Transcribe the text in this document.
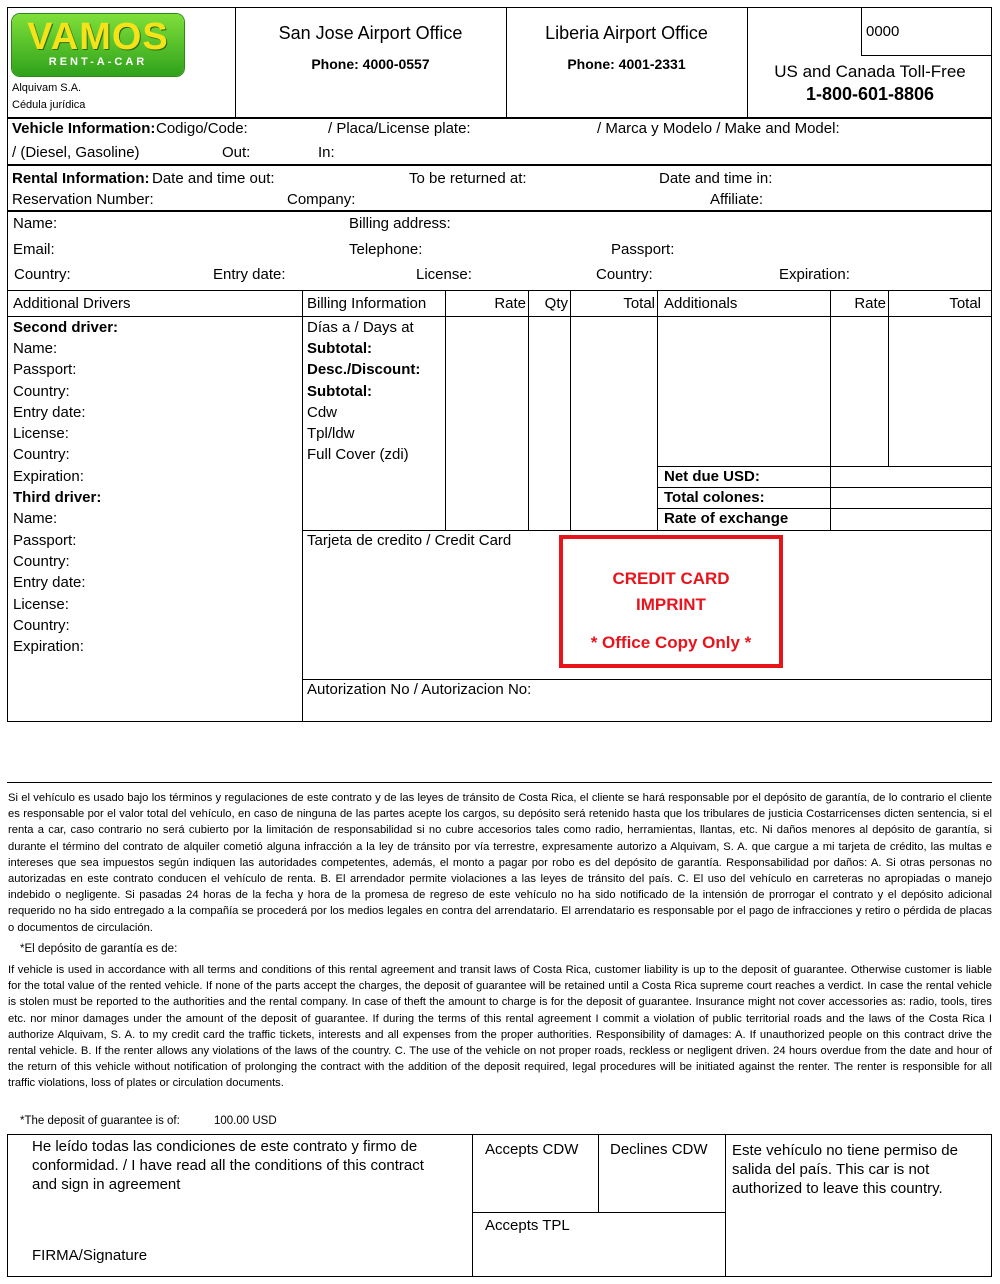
VAMOS
RENT-A-CAR
Alquivam S.A.
Cédula jurídica
San Jose Airport Office
Phone: 4000-0557
Liberia Airport Office
Phone: 4001-2331
0000
US and Canada Toll-Free
1-800-601-8806
Vehicle Information: Codigo/Code:	/ Placa/License plate:	/ Marca y Modelo / Make and Model:
/ (Diesel, Gasoline)	Out:	In:
Rental Information: Date and time out:	To be returned at:	Date and time in:
Reservation Number:	Company:	Affiliate:
Name:	Billing address:
Email:	Telephone:	Passport:
Country:	Entry date:	License:	Country:	Expiration:
Additional Drivers
Second driver:
Name:
Passport:
Country:
Entry date:
License:
Country:
Expiration:
Third driver:
Name:
Passport:
Country:
Entry date:
License:
Country:
Expiration:
Billing Information	Rate	Qty	Total
Días a / Days at
Subtotal:
Desc./Discount:
Subtotal:
Cdw
Tpl/ldw
Full Cover (zdi)
Additionals	Rate	Total
Net due USD:
Total colones:
Rate of exchange
Tarjeta de credito / Credit Card
CREDIT CARD
IMPRINT
* Office Copy Only *
Autorization No / Autorizacion No:
Si el vehículo es usado bajo los términos y regulaciones de este contrato y de las leyes de tránsito de Costa Rica, el cliente se hará responsable por el depósito de garantía, de lo contrario el cliente es responsable por el valor total del vehículo, en caso de ninguna de las partes acepte los cargos, su depósito será retenido hasta que los tribulares de justicia Costarricenses dicten sentencia, si el renta a car, caso contrario no será cubierto por la limitación de responsabilidad si no cubre accesorios tales como radio, herramientas, llantas, etc. Ni daños menores al depósito de garantía, si durante el término del contrato de alquiler cometió alguna infracción a la ley de tránsito por vía terrestre, expresamente autorizo a Alquivam, S. A. que cargue a mi tarjeta de crédito, las multas e intereses que sea impuestos según indiquen las autoridades competentes, además, el monto a pagar por robo es del depósito de garantía. Responsabilidad por daños: A. Si otras personas no autorizadas en este contrato conducen el vehículo de renta. B. El arrendador permite violaciones a las leyes de tránsito del país. C. El uso del vehículo en carreteras no apropiadas o manejo indebido o negligente. Si pasadas 24 horas de la fecha y hora de la promesa de regreso de este vehículo no ha sido notificado de la intensión de prorrogar el contrato y el depósito adicional requerido no ha sido entregado a la compañía se procederá por los medios legales en contra del arrendatario. El arrendatario es responsable por el pago de infracciones y retiro o pérdida de placas o documentos de circulación.
*El depósito de garantía es de:
If vehicle is used in accordance with all terms and conditions of this rental agreement and transit laws of Costa Rica, customer liability is up to the deposit of guarantee. Otherwise customer is liable for the total value of the rented vehicle. If none of the parts accept the charges, the deposit of guarantee will be retained until a Costa Rica supreme court reaches a verdict. In case the rental vehicle is stolen must be reported to the authorities and the rental company. In case of theft the amount to charge is for the deposit of guarantee. Insurance might not cover accessories as: radio, tools, tires etc. nor minor damages under the amount of the deposit of guarantee. If during the terms of this rental agreement I commit a violation of public territorial roads and the laws of the Costa Rica I authorize Alquivam, S. A. to my credit card the traffic tickets, interests and all expenses from the proper authorities. Responsibility of damages: A. If unauthorized people on this contract drive the rental vehicle. B. If the renter allows any violations of the laws of the country. C. The use of the vehicle on not proper roads, reckless or negligent driven. 24 hours overdue from the date and hour of the return of this vehicle without notification of prolonging the contract with the addition of the deposit required, legal procedures will be initiated against the renter. The renter is responsible for all traffic violations, loss of plates or circulation documents.
*The deposit of guarantee is of:	100.00 USD
He leído todas las condiciones de este contrato y firmo de conformidad. / I have read all the conditions of this contract and sign in agreement
FIRMA/Signature
Accepts CDW Declines CDW
Accepts TPL
Este vehículo no tiene permiso de salida del país. This car is not authorized to leave this country.
